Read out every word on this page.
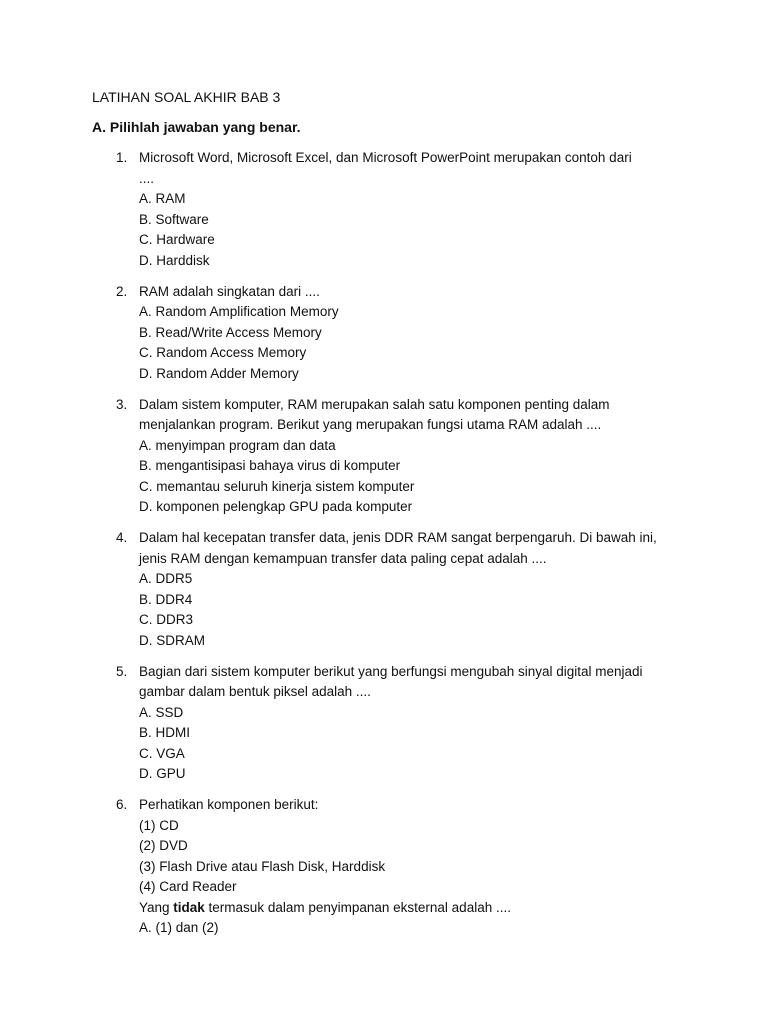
LATIHAN SOAL AKHIR BAB 3
A. Pilihlah jawaban yang benar.
1. Microsoft Word, Microsoft Excel, dan Microsoft PowerPoint merupakan contoh dari ....
A. RAM
B. Software
C. Hardware
D. Harddisk
2. RAM adalah singkatan dari ....
A. Random Amplification Memory
B. Read/Write Access Memory
C. Random Access Memory
D. Random Adder Memory
3. Dalam sistem komputer, RAM merupakan salah satu komponen penting dalam menjalankan program. Berikut yang merupakan fungsi utama RAM adalah ....
A. menyimpan program dan data
B. mengantisipasi bahaya virus di komputer
C. memantau seluruh kinerja sistem komputer
D. komponen pelengkap GPU pada komputer
4. Dalam hal kecepatan transfer data, jenis DDR RAM sangat berpengaruh. Di bawah ini, jenis RAM dengan kemampuan transfer data paling cepat adalah ....
A. DDR5
B. DDR4
C. DDR3
D. SDRAM
5. Bagian dari sistem komputer berikut yang berfungsi mengubah sinyal digital menjadi gambar dalam bentuk piksel adalah ....
A. SSD
B. HDMI
C. VGA
D. GPU
6. Perhatikan komponen berikut:
(1) CD
(2) DVD
(3) Flash Drive atau Flash Disk, Harddisk
(4) Card Reader
Yang tidak termasuk dalam penyimpanan eksternal adalah ....
A. (1) dan (2)
